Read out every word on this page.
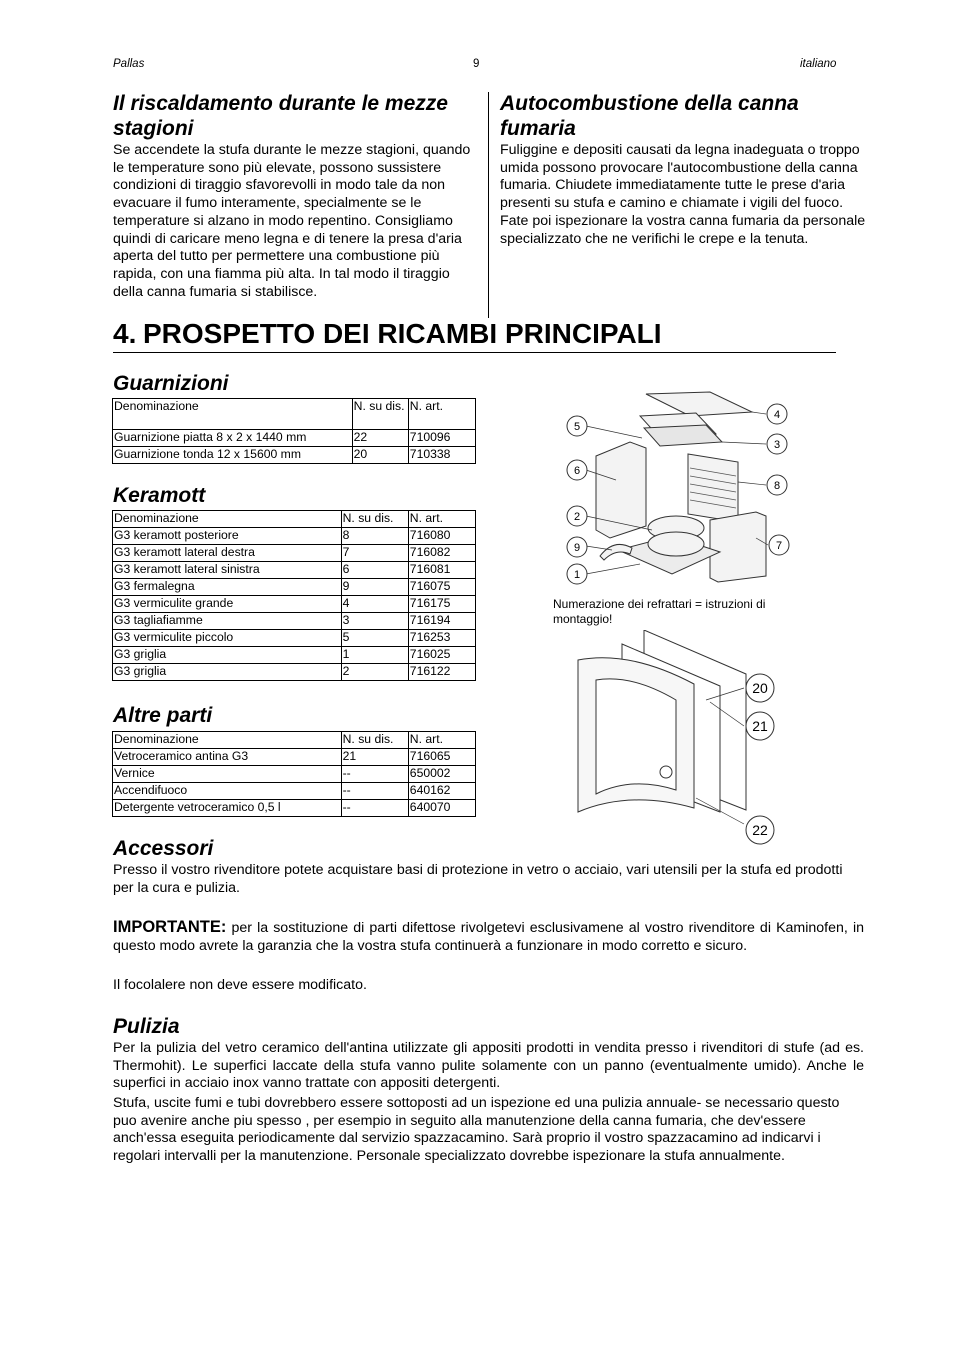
Pallas	9	italiano
Il riscaldamento durante le mezze stagioni

Se accendete la stufa durante le mezze stagioni, quando le temperature sono più elevate, possono sussistere condizioni di tiraggio sfavorevolli in modo tale da non evacuare il fumo interamente, specialmente se le temperature si alzano in modo repentino. Consigliamo quindi di caricare meno legna e di tenere la presa d'aria aperta del tutto per permettere una combustione più rapida, con una fiamma più alta. In tal modo il tiraggio della canna fumaria si stabilisce.

Autocombustione della canna fumaria

Fuliggine e depositi causati da legna inadeguata o troppo umida possono provocare l'autocombustione della canna fumaria. Chiudete immediatamente tutte le prese d'aria presenti su stufa e camino e chiamate i vigili del fuoco. Fate poi ispezionare la vostra canna fumaria da personale specializzato che ne verifichi le crepe e la tenuta.

4. PROSPETTO DEI RICAMBI PRINCIPALI
Guarnizioni
Denominazione	N. su dis.	N. art.
Guarnizione piatta 8 x 2 x 1440 mm	22	710096
Guarnizione tonda 12 x 15600 mm	20	710338
Keramott
Denominazione	N. su dis.	N. art.
G3 keramott posteriore	8	716080
G3 keramott lateral destra	7	716082
G3 keramott lateral sinistra	6	716081
G3 fermalegna	9	716075
G3 vermiculite grande	4	716175
G3 tagliafiamme	3	716194
G3 vermiculite piccolo	5	716253
G3 griglia	1	716025
G3 griglia	2	716122
Altre parti
Denominazione	N. su dis.	N. art.
Vetroceramico antina G3	21	716065
Vernice	--	650002
Accendifuoco	--	640162
Detergente vetroceramico 0,5 l	--	640070
4
5
3
6
8
2
9	7
1
Numerazione dei refrattari = istruzioni di montaggio!
20
21
22
Accessori

Presso il vostro rivenditore potete acquistare basi di protezione in vetro o acciaio, vari utensili per la stufa ed prodotti per la cura e pulizia.

IMPORTANTE: per la sostituzione di parti difettose rivolgetevi esclusivamene al vostro rivenditore di Kaminofen, in questo modo avrete la garanzia che la vostra stufa continuerà a funzionare in modo corretto e sicuro.

Il focolalere non deve essere modificato.

Pulizia

Per la pulizia del vetro ceramico dell'antina utilizzate gli appositi prodotti in vendita presso i rivenditori di stufe (ad es. Thermohit). Le superfici laccate della stufa vanno pulite solamente con un panno (eventualmente umido). Anche le superfici in acciaio inox vanno trattate con appositi detergenti.

Stufa, uscite fumi e tubi dovrebbero essere sottoposti ad un ispezione ed una pulizia annuale- se necessario questo puo avenire anche piu spesso , per esempio in seguito alla manutenzione della canna fumaria, che dev'essere anch'essa eseguita periodicamente dal servizio spazzacamino. Sarà proprio il vostro spazzacamino ad indicarvi i regolari intervalli per la manutenzione. Personale specializzato dovrebbe ispezionare la stufa annualmente.
